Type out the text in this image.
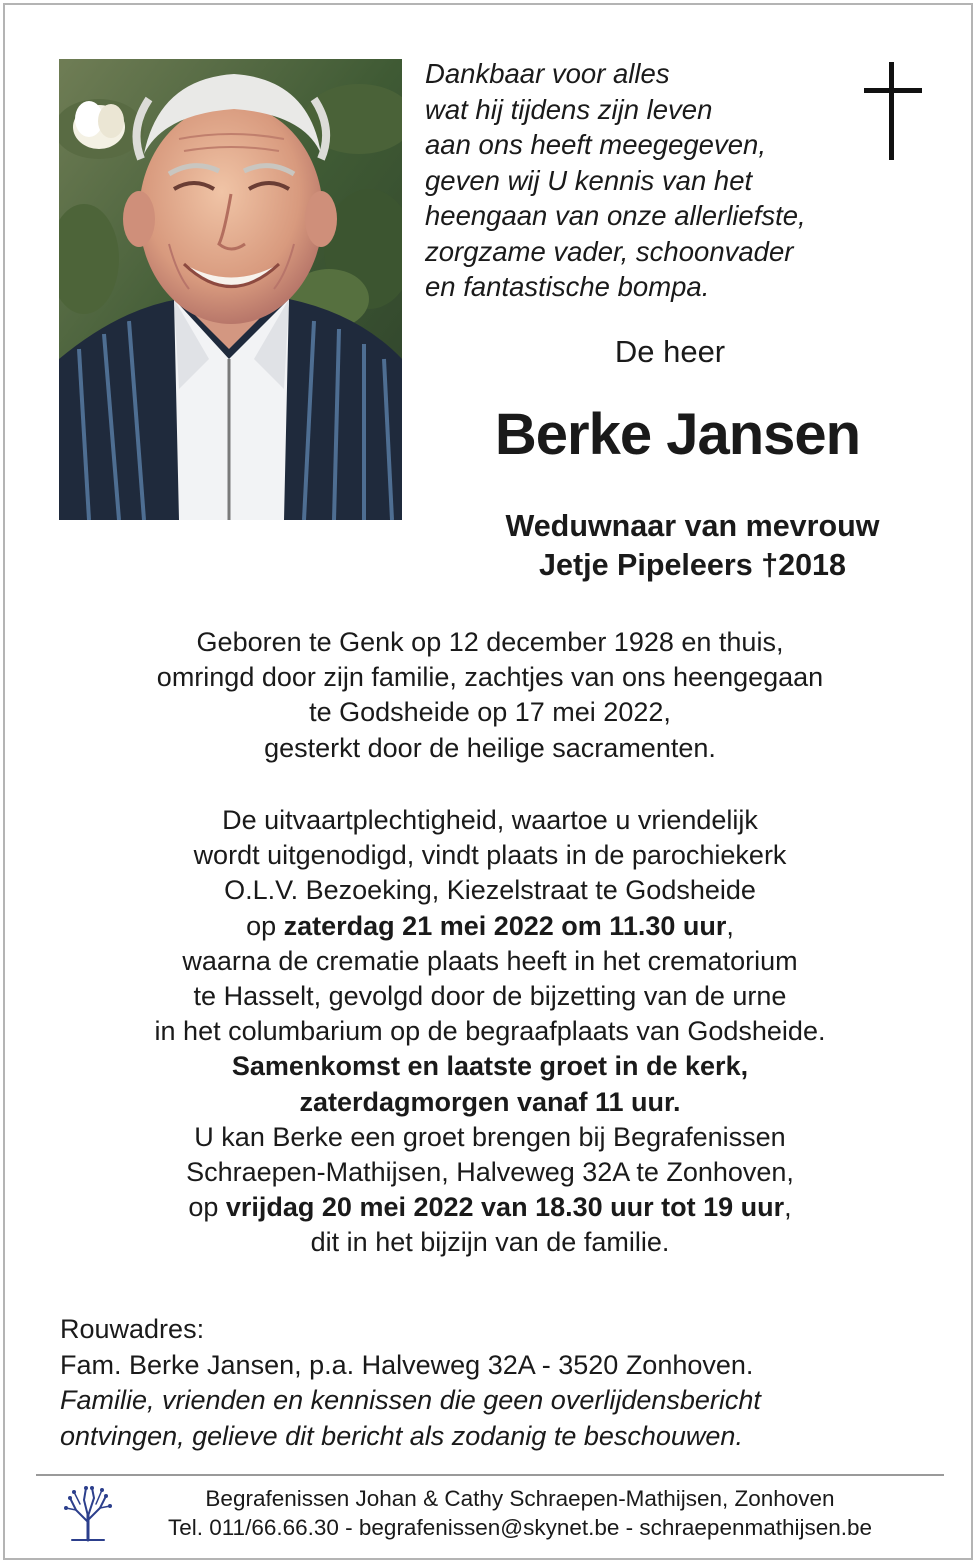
Dankbaar voor alles
wat hij tijdens zijn leven
aan ons heeft meegegeven,
geven wij U kennis van het
heengaan van onze allerliefste,
zorgzame vader, schoonvader
en fantastische bompa.
De heer
Berke Jansen
Weduwnaar van mevrouw
Jetje Pipeleers †2018
Geboren te Genk op 12 december 1928 en thuis,
omringd door zijn familie, zachtjes van ons heengegaan
te Godsheide op 17 mei 2022,
gesterkt door de heilige sacramenten.
De uitvaartplechtigheid, waartoe u vriendelijk
wordt uitgenodigd, vindt plaats in de parochiekerk
O.L.V. Bezoeking, Kiezelstraat te Godsheide
op zaterdag 21 mei 2022 om 11.30 uur,
waarna de crematie plaats heeft in het crematorium
te Hasselt, gevolgd door de bijzetting van de urne
in het columbarium op de begraafplaats van Godsheide.
Samenkomst en laatste groet in de kerk,
zaterdagmorgen vanaf 11 uur.
U kan Berke een groet brengen bij Begrafenissen
Schraepen-Mathijsen, Halveweg 32A te Zonhoven,
op vrijdag 20 mei 2022 van 18.30 uur tot 19 uur,
dit in het bijzijn van de familie.
Rouwadres:
Fam. Berke Jansen, p.a. Halveweg 32A - 3520 Zonhoven.
Familie, vrienden en kennissen die geen overlijdensbericht
ontvingen, gelieve dit bericht als zodanig te beschouwen.
Begrafenissen Johan & Cathy Schraepen-Mathijsen, Zonhoven
Tel. 011/66.66.30 - begrafenissen@skynet.be - schraepenmathijsen.be
